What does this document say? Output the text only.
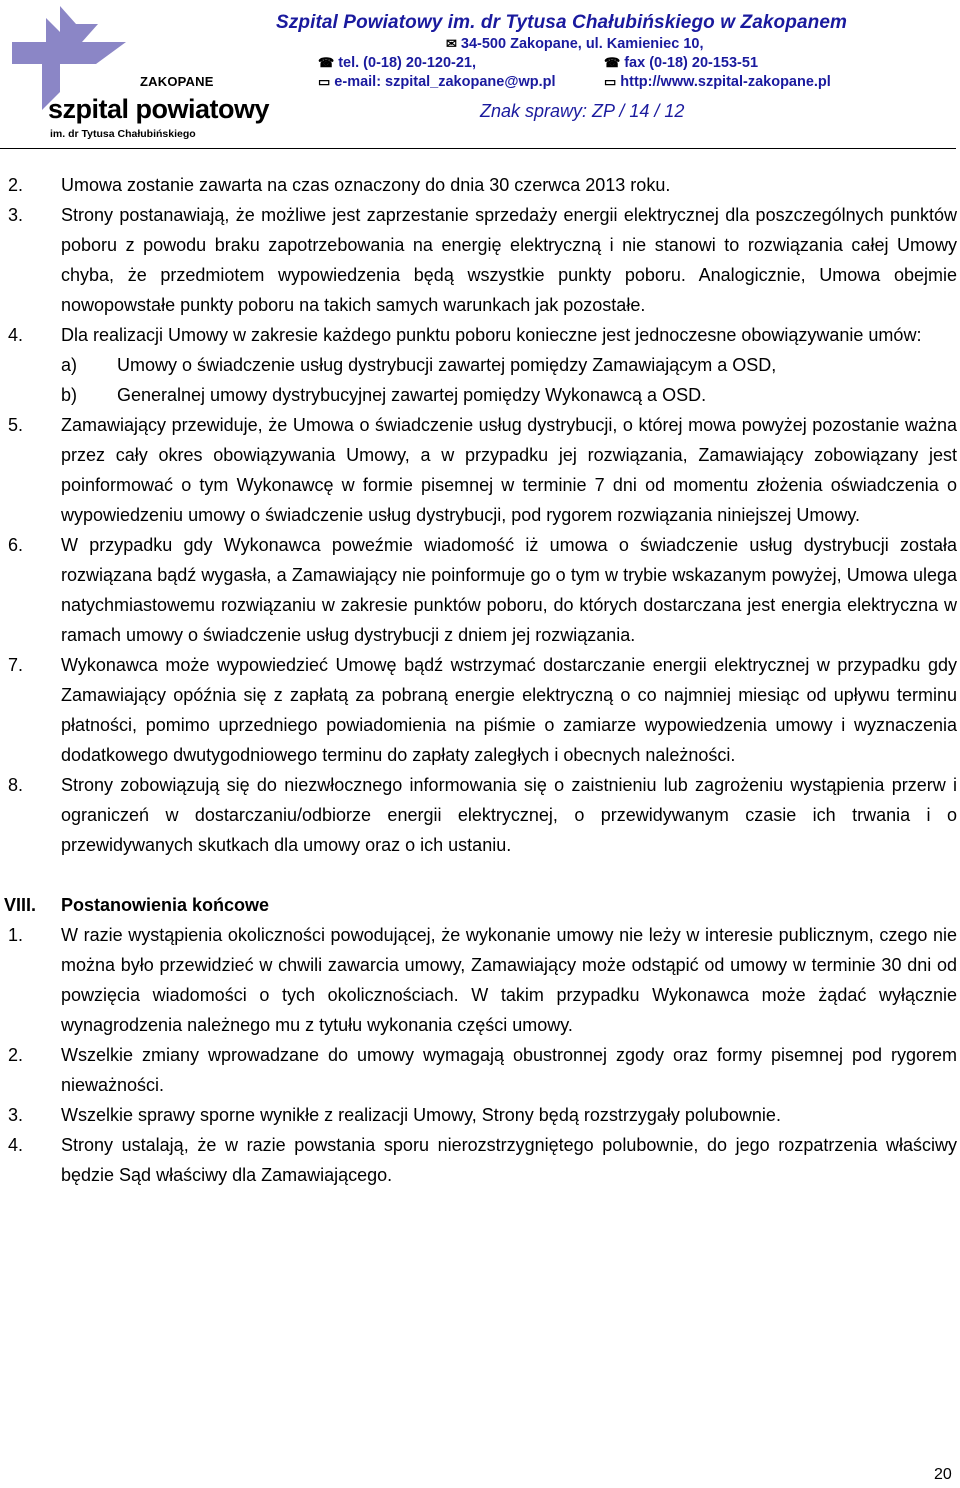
ZAKOPANE
szpital powiatowy
im. dr Tytusa Chałubińskiego
Szpital Powiatowy im. dr Tytusa Chałubińskiego w Zakopanem
✉ 34-500 Zakopane, ul. Kamieniec 10,
☎ tel. (0-18) 20-120-21,	☎ fax (0-18) 20-153-51
▭ e-mail: szpital_zakopane@wp.pl	▭ http://www.szpital-zakopane.pl
Znak sprawy: ZP / 14 / 12
2.	Umowa zostanie zawarta na czas oznaczony do dnia 30 czerwca 2013 roku.
3.	Strony postanawiają, że możliwe jest zaprzestanie sprzedaży energii elektrycznej dla poszczególnych punktów poboru z powodu braku zapotrzebowania na energię elektryczną i nie stanowi to rozwiązania całej Umowy chyba, że przedmiotem wypowiedzenia będą wszystkie punkty poboru. Analogicznie, Umowa obejmie nowopowstałe punkty poboru na takich samych warunkach jak pozostałe.
4.	Dla realizacji Umowy w zakresie każdego punktu poboru konieczne jest jednoczesne obowiązywanie umów:
a) Umowy o świadczenie usług dystrybucji zawartej pomiędzy Zamawiającym a OSD,
b) Generalnej umowy dystrybucyjnej zawartej pomiędzy Wykonawcą a OSD.
5.	Zamawiający przewiduje, że Umowa o świadczenie usług dystrybucji, o której mowa powyżej pozostanie ważna przez cały okres obowiązywania Umowy, a w przypadku jej rozwiązania, Zamawiający zobowiązany jest poinformować o tym Wykonawcę w formie pisemnej w terminie 7 dni od momentu złożenia oświadczenia o wypowiedzeniu umowy o świadczenie usług dystrybucji, pod rygorem rozwiązania niniejszej Umowy.
6.	W przypadku gdy Wykonawca poweźmie wiadomość iż umowa o świadczenie usług dystrybucji została rozwiązana bądź wygasła, a Zamawiający nie poinformuje go o tym w trybie wskazanym powyżej, Umowa ulega natychmiastowemu rozwiązaniu w zakresie punktów poboru, do których dostarczana jest energia elektryczna w ramach umowy o świadczenie usług dystrybucji z dniem jej rozwiązania.
7.	Wykonawca może wypowiedzieć Umowę bądź wstrzymać dostarczanie energii elektrycznej w przypadku gdy Zamawiający opóźnia się z zapłatą za pobraną energie elektryczną o co najmniej miesiąc od upływu terminu płatności, pomimo uprzedniego powiadomienia na piśmie o zamiarze wypowiedzenia umowy i wyznaczenia dodatkowego dwutygodniowego terminu do zapłaty zaległych i obecnych należności.
8.	Strony zobowiązują się do niezwłocznego informowania się o zaistnieniu lub zagrożeniu wystąpienia przerw i ograniczeń w dostarczaniu/odbiorze energii elektrycznej, o przewidywanym czasie ich trwania i o przewidywanych skutkach dla umowy oraz o ich ustaniu.
VIII. Postanowienia końcowe
1.	W razie wystąpienia okoliczności powodującej, że wykonanie umowy nie leży w interesie publicznym, czego nie można było przewidzieć w chwili zawarcia umowy, Zamawiający może odstąpić od umowy w terminie 30 dni od powzięcia wiadomości o tych okolicznościach. W takim przypadku Wykonawca może żądać wyłącznie wynagrodzenia należnego mu z tytułu wykonania części umowy.
2.	Wszelkie zmiany wprowadzane do umowy wymagają obustronnej zgody oraz formy pisemnej pod rygorem nieważności.
3.	Wszelkie sprawy sporne wynikłe z realizacji Umowy, Strony będą rozstrzygały polubownie.
4.	Strony ustalają, że w razie powstania sporu nierozstrzygniętego polubownie, do jego rozpatrzenia właściwy będzie Sąd właściwy dla Zamawiającego.
20
